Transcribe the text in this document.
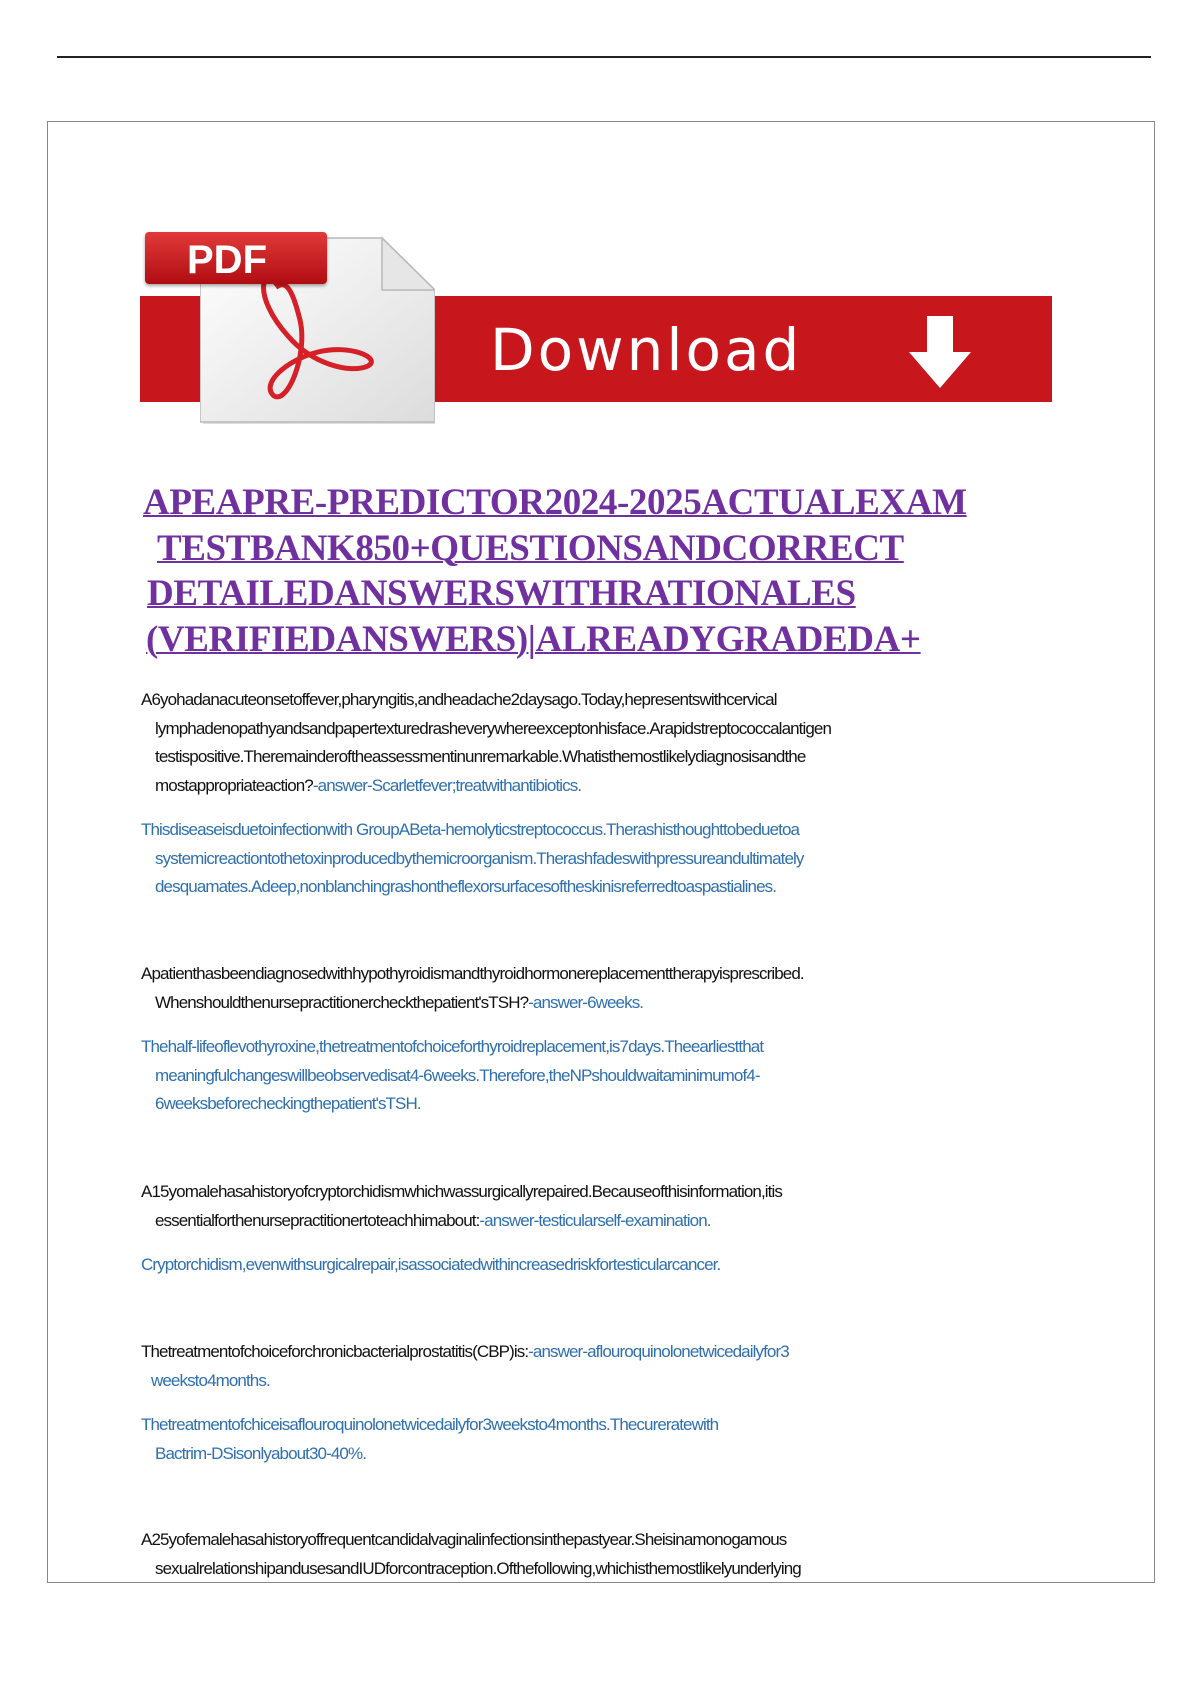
Download
PDF
APEAPRE-PREDICTOR2024-2025ACTUALEXAM
TESTBANK850+QUESTIONSANDCORRECT
DETAILEDANSWERSWITHRATIONALES
(VERIFIEDANSWERS)|ALREADYGRADEDA+

A6yohadanacuteonsetoffever,pharyngitis,andheadache2daysago.Today,hepresentswithcervical
lymphadenopathyandsandpapertexturedrasheverywhereexceptonhisface.Arapidstreptococcalantigen
testispositive.Theremainderoftheassessmentinunremarkable.Whatisthemostlikelydiagnosisandthe
mostappropriateaction?-answer-Scarletfever;treatwithantibiotics.

Thisdiseaseisduetoinfectionwith GroupABeta-hemolyticstreptococcus.Therashisthoughttobeduetoa
systemicreactiontothetoxinproducedbythemicroorganism.Therashfadeswithpressureandultimately
desquamates.Adeep,nonblanchingrashontheflexorsurfacesoftheskinisreferredtoaspastialines.

Apatienthasbeendiagnosedwithhypothyroidismandthyroidhormonereplacementtherapyisprescribed.
Whenshouldthenursepractitionercheckthepatient'sTSH?-answer-6weeks.

Thehalf-lifeoflevothyroxine,thetreatmentofchoiceforthyroidreplacement,is7days.Theearliestthat
meaningfulchangeswillbeobservedisat4-6weeks.Therefore,theNPshouldwaitaminimumof4-
6weeksbeforecheckingthepatient'sTSH.

A15yomalehasahistoryofcryptorchidismwhichwassurgicallyrepaired.Becauseofthisinformation,itis
essentialforthenursepractitionertoteachhimabout:-answer-testicularself-examination.

Cryptorchidism,evenwithsurgicalrepair,isassociatedwithincreasedriskfortesticularcancer.

Thetreatmentofchoiceforchronicbacterialprostatitis(CBP)is:-answer-aflouroquinolonetwicedailyfor3
weeksto4months.

Thetreatmentofchiceisaflouroquinolonetwicedailyfor3weeksto4months.Thecureratewith
Bactrim-DSisonlyabout30-40%.

A25yofemalehasahistoryoffrequentcandidalvaginalinfectionsinthepastyear.Sheisinamonogamous
sexualrelationshipandusesandIUDforcontraception.Ofthefollowing,whichisthemostlikelyunderlying
